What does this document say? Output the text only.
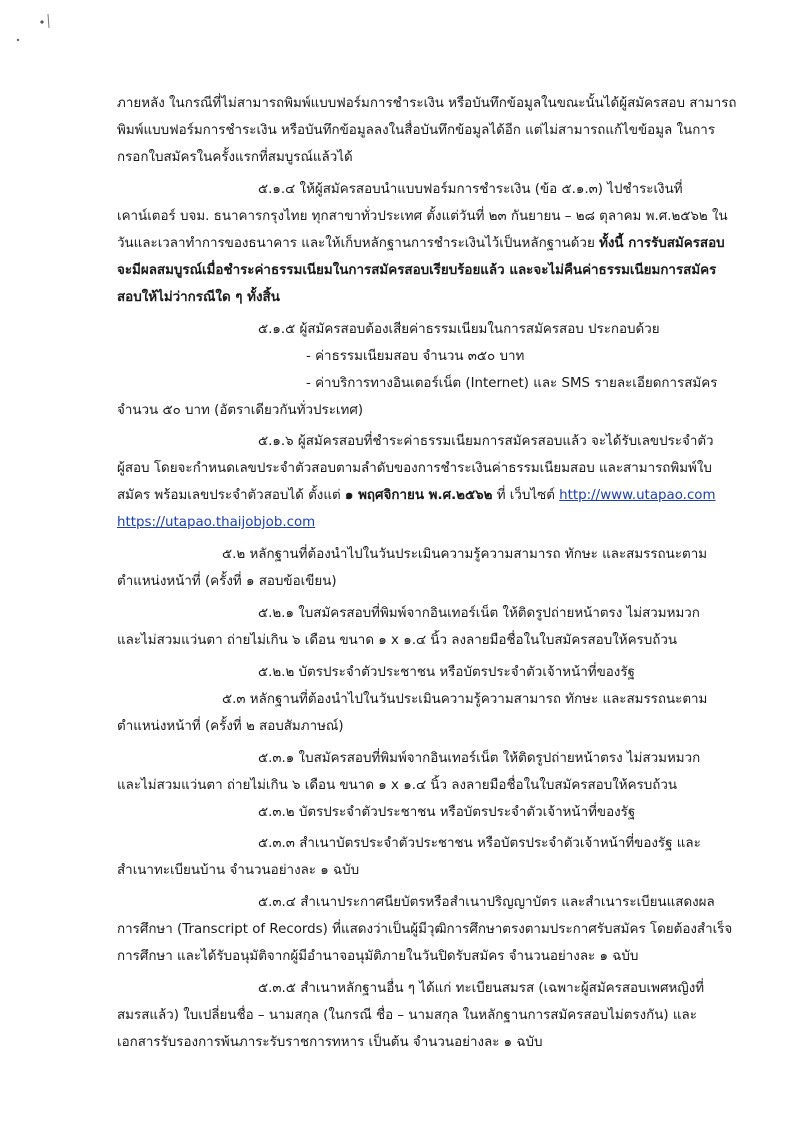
ภายหลัง ในกรณีที่ไม่สามารถพิมพ์แบบฟอร์มการชำระเงิน หรือบันทึกข้อมูลในขณะนั้นได้ผู้สมัครสอบ สามารถ
พิมพ์แบบฟอร์มการชำระเงิน หรือบันทึกข้อมูลลงในสื่อบันทึกข้อมูลได้อีก แต่ไม่สามารถแก้ไขข้อมูล ในการ
กรอกใบสมัครในครั้งแรกที่สมบูรณ์แล้วได้
๕.๑.๔ ให้ผู้สมัครสอบนำแบบฟอร์มการชำระเงิน (ข้อ ๕.๑.๓) ไปชำระเงินที่
เคาน์เตอร์ บจม. ธนาคารกรุงไทย ทุกสาขาทั่วประเทศ ตั้งแต่วันที่ ๒๓ กันยายน – ๒๘ ตุลาคม พ.ศ.๒๕๖๒ ใน
วันและเวลาทำการของธนาคาร และให้เก็บหลักฐานการชำระเงินไว้เป็นหลักฐานด้วย ทั้งนี้ การรับสมัครสอบ
จะมีผลสมบูรณ์เมื่อชำระค่าธรรมเนียมในการสมัครสอบเรียบร้อยแล้ว และจะไม่คืนค่าธรรมเนียมการสมัคร
สอบให้ไม่ว่ากรณีใด ๆ ทั้งสิ้น
๕.๑.๕ ผู้สมัครสอบต้องเสียค่าธรรมเนียมในการสมัครสอบ ประกอบด้วย
- ค่าธรรมเนียมสอบ จำนวน ๓๕๐ บาท
- ค่าบริการทางอินเตอร์เน็ต (Internet) และ SMS รายละเอียดการสมัคร
จำนวน ๕๐ บาท (อัตราเดียวกันทั่วประเทศ)
๕.๑.๖ ผู้สมัครสอบที่ชำระค่าธรรมเนียมการสมัครสอบแล้ว จะได้รับเลขประจำตัว
ผู้สอบ โดยจะกำหนดเลขประจำตัวสอบตามลำดับของการชำระเงินค่าธรรมเนียมสอบ และสามารถพิมพ์ใบ
สมัคร พร้อมเลขประจำตัวสอบได้ ตั้งแต่ ๑ พฤศจิกายน พ.ศ.๒๕๖๒ ที่ เว็บไซต์ http://www.utapao.com
https://utapao.thaijobjob.com
๕.๒ หลักฐานที่ต้องนำไปในวันประเมินความรู้ความสามารถ ทักษะ และสมรรถนะตาม
ตำแหน่งหน้าที่ (ครั้งที่ ๑ สอบข้อเขียน)
๕.๒.๑ ใบสมัครสอบที่พิมพ์จากอินเทอร์เน็ต ให้ติดรูปถ่ายหน้าตรง ไม่สวมหมวก
และไม่สวมแว่นตา ถ่ายไม่เกิน ๖ เดือน ขนาด ๑ x ๑.๔ นิ้ว ลงลายมือชื่อในใบสมัครสอบให้ครบถ้วน
๕.๒.๒ บัตรประจำตัวประชาชน หรือบัตรประจำตัวเจ้าหน้าที่ของรัฐ
๕.๓ หลักฐานที่ต้องนำไปในวันประเมินความรู้ความสามารถ ทักษะ และสมรรถนะตาม
ตำแหน่งหน้าที่ (ครั้งที่ ๒ สอบสัมภาษณ์)
๕.๓.๑ ใบสมัครสอบที่พิมพ์จากอินเทอร์เน็ต ให้ติดรูปถ่ายหน้าตรง ไม่สวมหมวก
และไม่สวมแว่นตา ถ่ายไม่เกิน ๖ เดือน ขนาด ๑ x ๑.๔ นิ้ว ลงลายมือชื่อในใบสมัครสอบให้ครบถ้วน
๕.๓.๒ บัตรประจำตัวประชาชน หรือบัตรประจำตัวเจ้าหน้าที่ของรัฐ
๕.๓.๓ สำเนาบัตรประจำตัวประชาชน หรือบัตรประจำตัวเจ้าหน้าที่ของรัฐ และ
สำเนาทะเบียนบ้าน จำนวนอย่างละ ๑ ฉบับ
๕.๓.๔ สำเนาประกาศนียบัตรหรือสำเนาปริญญาบัตร และสำเนาระเบียนแสดงผล
การศึกษา (Transcript of Records) ที่แสดงว่าเป็นผู้มีวุฒิการศึกษาตรงตามประกาศรับสมัคร โดยต้องสำเร็จ
การศึกษา และได้รับอนุมัติจากผู้มีอำนาจอนุมัติภายในวันปิดรับสมัคร จำนวนอย่างละ ๑ ฉบับ
๕.๓.๕ สำเนาหลักฐานอื่น ๆ ได้แก่ ทะเบียนสมรส (เฉพาะผู้สมัครสอบเพศหญิงที่
สมรสแล้ว) ใบเปลี่ยนชื่อ – นามสกุล (ในกรณี ชื่อ – นามสกุล ในหลักฐานการสมัครสอบไม่ตรงกัน) และ
เอกสารรับรองการพ้นภาระรับราชการทหาร เป็นต้น จำนวนอย่างละ ๑ ฉบับ
